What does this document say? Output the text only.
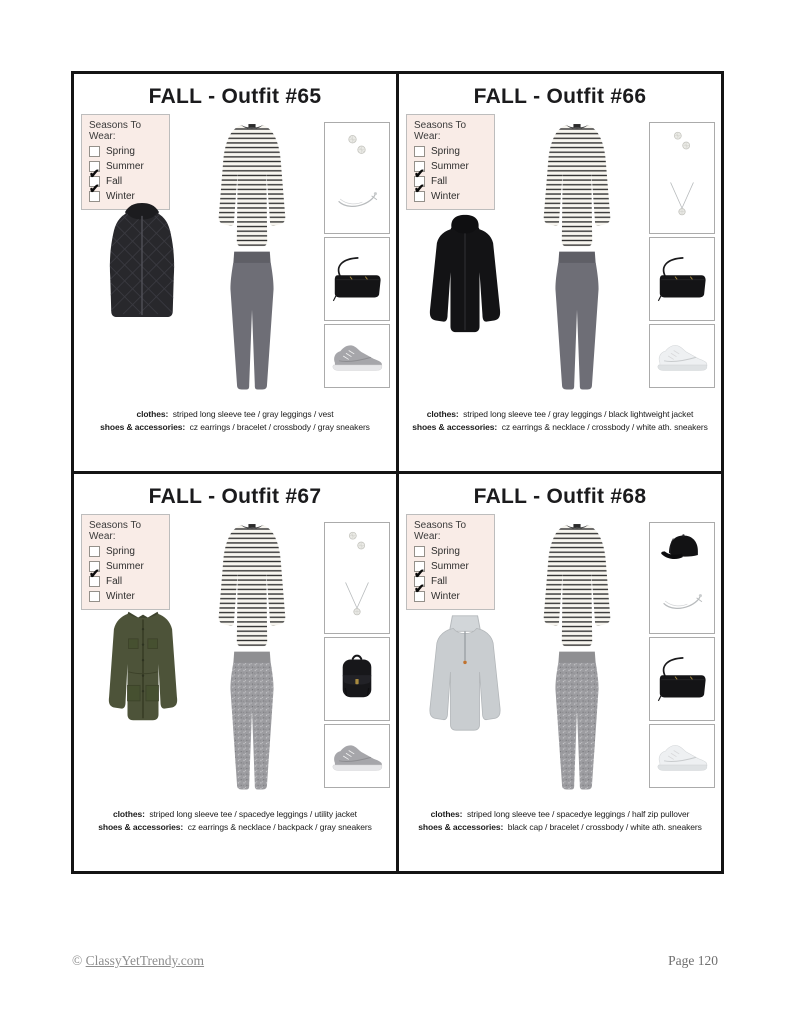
FALL - Outfit #65
Seasons To Wear:
Spring
Summer
✔
Fall
✔
Winter
clothes: striped long sleeve tee / gray leggings / vest
shoes & accessories: cz earrings / bracelet / crossbody / gray sneakers
FALL - Outfit #66
Seasons To Wear:
Spring
Summer
✔
Fall
✔
Winter
clothes: striped long sleeve tee / gray leggings / black lightweight jacket
shoes & accessories: cz earrings & necklace / crossbody / white ath. sneakers
FALL - Outfit #67
Seasons To Wear:
Spring
Summer
✔
Fall
Winter
clothes: striped long sleeve tee / spacedye leggings / utility jacket
shoes & accessories: cz earrings & necklace / backpack / gray sneakers
FALL - Outfit #68
Seasons To Wear:
Spring
Summer
✔
Fall
✔
Winter
clothes: striped long sleeve tee / spacedye leggings / half zip pullover
shoes & accessories: black cap / bracelet / crossbody / white ath. sneakers
© ClassyYetTrendy.com	Page 120
